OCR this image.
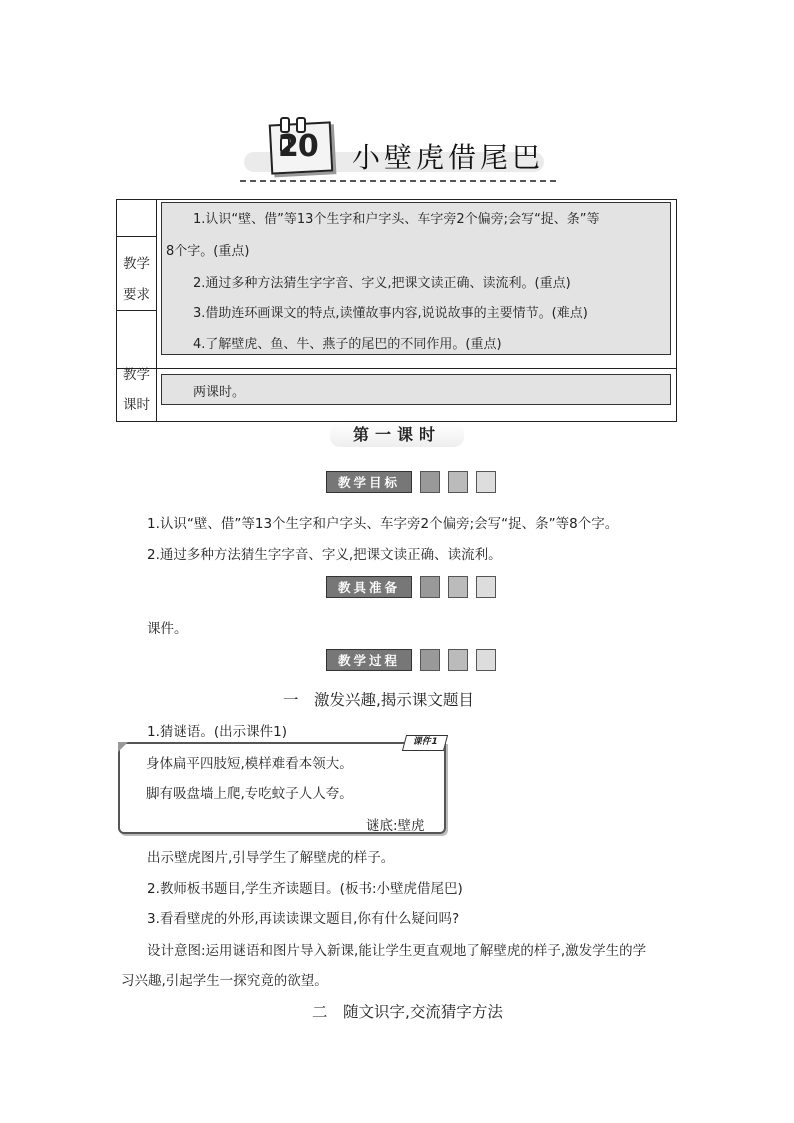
20 小壁虎借尾巴
教学
要求
教学
课时
1.认识“壁、借”等13个生字和户字头、车字旁2个偏旁;会写“捉、条”等
8个字。(重点)
2.通过多种方法猜生字字音、字义,把课文读正确、读流利。(重点)
3.借助连环画课文的特点,读懂故事内容,说说故事的主要情节。(难点)
4.了解壁虎、鱼、牛、燕子的尾巴的不同作用。(重点)
两课时。
第一课时
教学目标
1.认识“壁、借”等13个生字和户字头、车字旁2个偏旁;会写“捉、条”等8个字。
2.通过多种方法猜生字字音、字义,把课文读正确、读流利。
教具准备
课件。
教学过程
一　激发兴趣,揭示课文题目
1.猜谜语。(出示课件1)
课件1
身体扁平四肢短,模样难看本领大。
脚有吸盘墙上爬,专吃蚊子人人夸。
谜底:壁虎
出示壁虎图片,引导学生了解壁虎的样子。
2.教师板书题目,学生齐读题目。(板书:小壁虎借尾巴)
3.看看壁虎的外形,再读读课文题目,你有什么疑问吗?
设计意图:运用谜语和图片导入新课,能让学生更直观地了解壁虎的样子,激发学生的学
习兴趣,引起学生一探究竟的欲望。
二　随文识字,交流猜字方法
